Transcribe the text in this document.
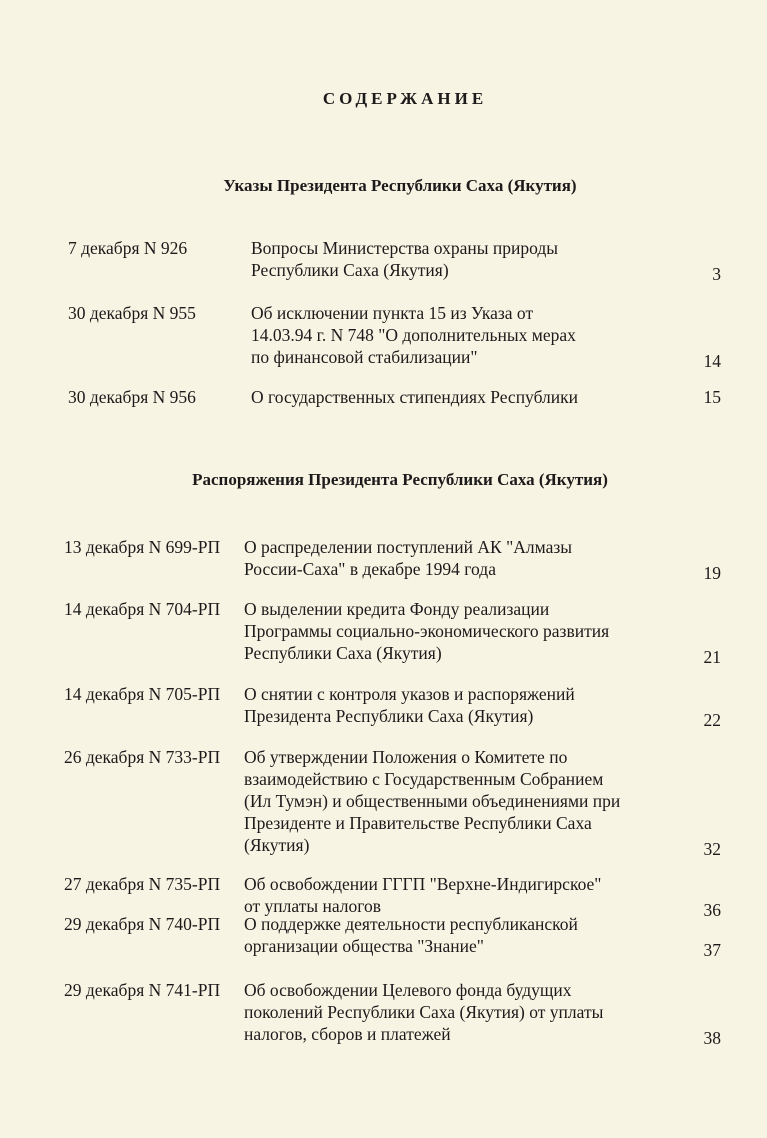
СОДЕРЖАНИЕ
Указы Президента Республики Саха (Якутия)
Распоряжения Президента Республики Саха (Якутия)
7 декабря N 926	Вопросы Министерства охраны природы
Республики Саха (Якутия)	3
30 декабря N 955	Об исключении пункта 15 из Указа от
14.03.94 г. N 748 "О дополнительных мерах
по финансовой стабилизации"	14
30 декабря N 956	О государственных стипендиях Республики	15
13 декабря N 699-РП О распределении поступлений АК "Алмазы
России-Саха" в декабре 1994 года	19
14 декабря N 704-РП О выделении кредита Фонду реализации
Программы социально-экономического развития
Республики Саха (Якутия)	21
14 декабря N 705-РП О снятии с контроля указов и распоряжений
Президента Республики Саха (Якутия)	22
26 декабря N 733-РП Об утверждении Положения о Комитете по
взаимодействию с Государственным Собранием
(Ил Тумэн) и общественными объединениями при
Президенте и Правительстве Республики Саха
(Якутия)	32
27 декабря N 735-РП Об освобождении ГГГП "Верхне-Индигирское"
от уплаты налогов	36
29 декабря N 740-РП О поддержке деятельности республиканской
организации общества "Знание"	37
29 декабря N 741-РП Об освобождении Целевого фонда будущих
поколений Республики Саха (Якутия) от уплаты
налогов, сборов и платежей	38
